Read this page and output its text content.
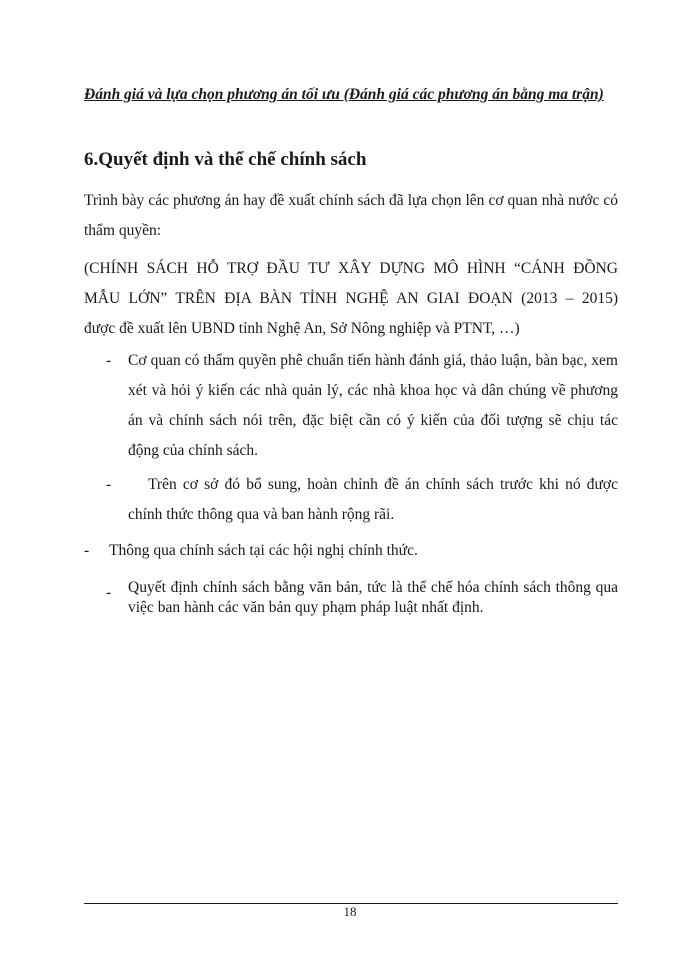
Đánh giá và lựa chọn phương án tối ưu (Đánh giá các phương án bằng ma trận)
6.Quyết định và thể chế chính sách
Trình bày các phương án hay đề xuất chính sách đã lựa chọn lên cơ quan nhà nước có thẩm quyền:
(CHÍNH SÁCH HỖ TRỢ ĐẦU TƯ XÂY DỰNG MÔ HÌNH “CÁNH ĐỒNG
MẪU LỚN” TRÊN ĐỊA BÀN TỈNH NGHỆ AN GIAI ĐOẠN (2013 – 2015)
được đề xuất lên UBND tỉnh Nghệ An, Sở Nông nghiệp và PTNT, …)
- Cơ quan có thẩm quyền phê chuẩn tiến hành đánh giá, thảo luận, bàn bạc, xem xét và hỏi ý kiến các nhà quản lý, các nhà khoa học và dân chúng về phương án và chính sách nói trên, đặc biệt cần có ý kiến của đối tượng sẽ chịu tác động của chính sách.
-	Trên cơ sở đó bổ sung, hoàn chỉnh đề án chính sách trước khi nó được chính thức thông qua và ban hành rộng rãi.
- Thông qua chính sách tại các hội nghị chính thức.
- Quyết định chính sách bằng văn bản, tức là thể chế hóa chính sách thông qua việc ban hành các văn bản quy phạm pháp luật nhất định.
18
